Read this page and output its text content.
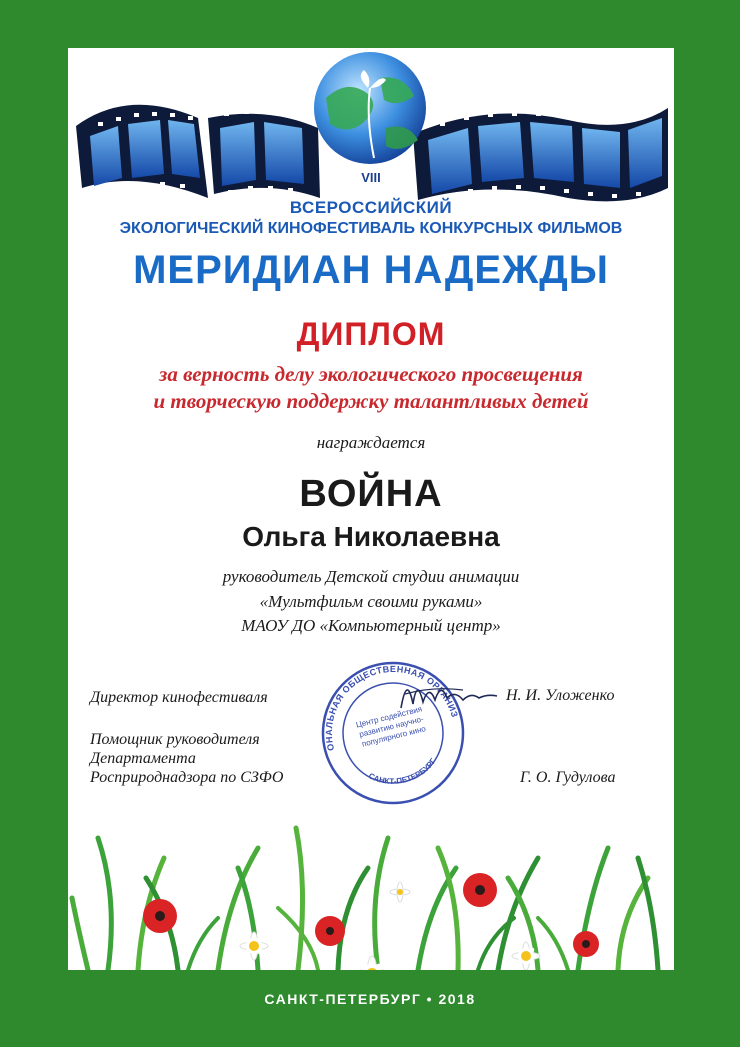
VIII
ВСЕРОССИЙСКИЙ
ЭКОЛОГИЧЕСКИЙ КИНОФЕСТИВАЛЬ КОНКУРСНЫХ ФИЛЬМОВ
МЕРИДИАН НАДЕЖДЫ
ДИПЛОМ
за верность делу экологического просвещения
и творческую поддержку талантливых детей
награждается
ВОЙНА
Ольга Николаевна
руководитель Детской студии анимации
«Мультфильм своими руками»
МАОУ ДО «Компьютерный центр»
Директор кинофестиваля	Н. И. Уложенко
Помощник руководителя
Департамента
Росприроднадзора по СЗФО	Г. О. Гудулова
РЕГИОНАЛЬНАЯ ОБЩЕСТВЕННАЯ ОРГАНИЗАЦИЯ
САНКТ-ПЕТЕРБУРГ
Центр содействия развитию научно-популярного кино
САНКТ-ПЕТЕРБУРГ • 2018
